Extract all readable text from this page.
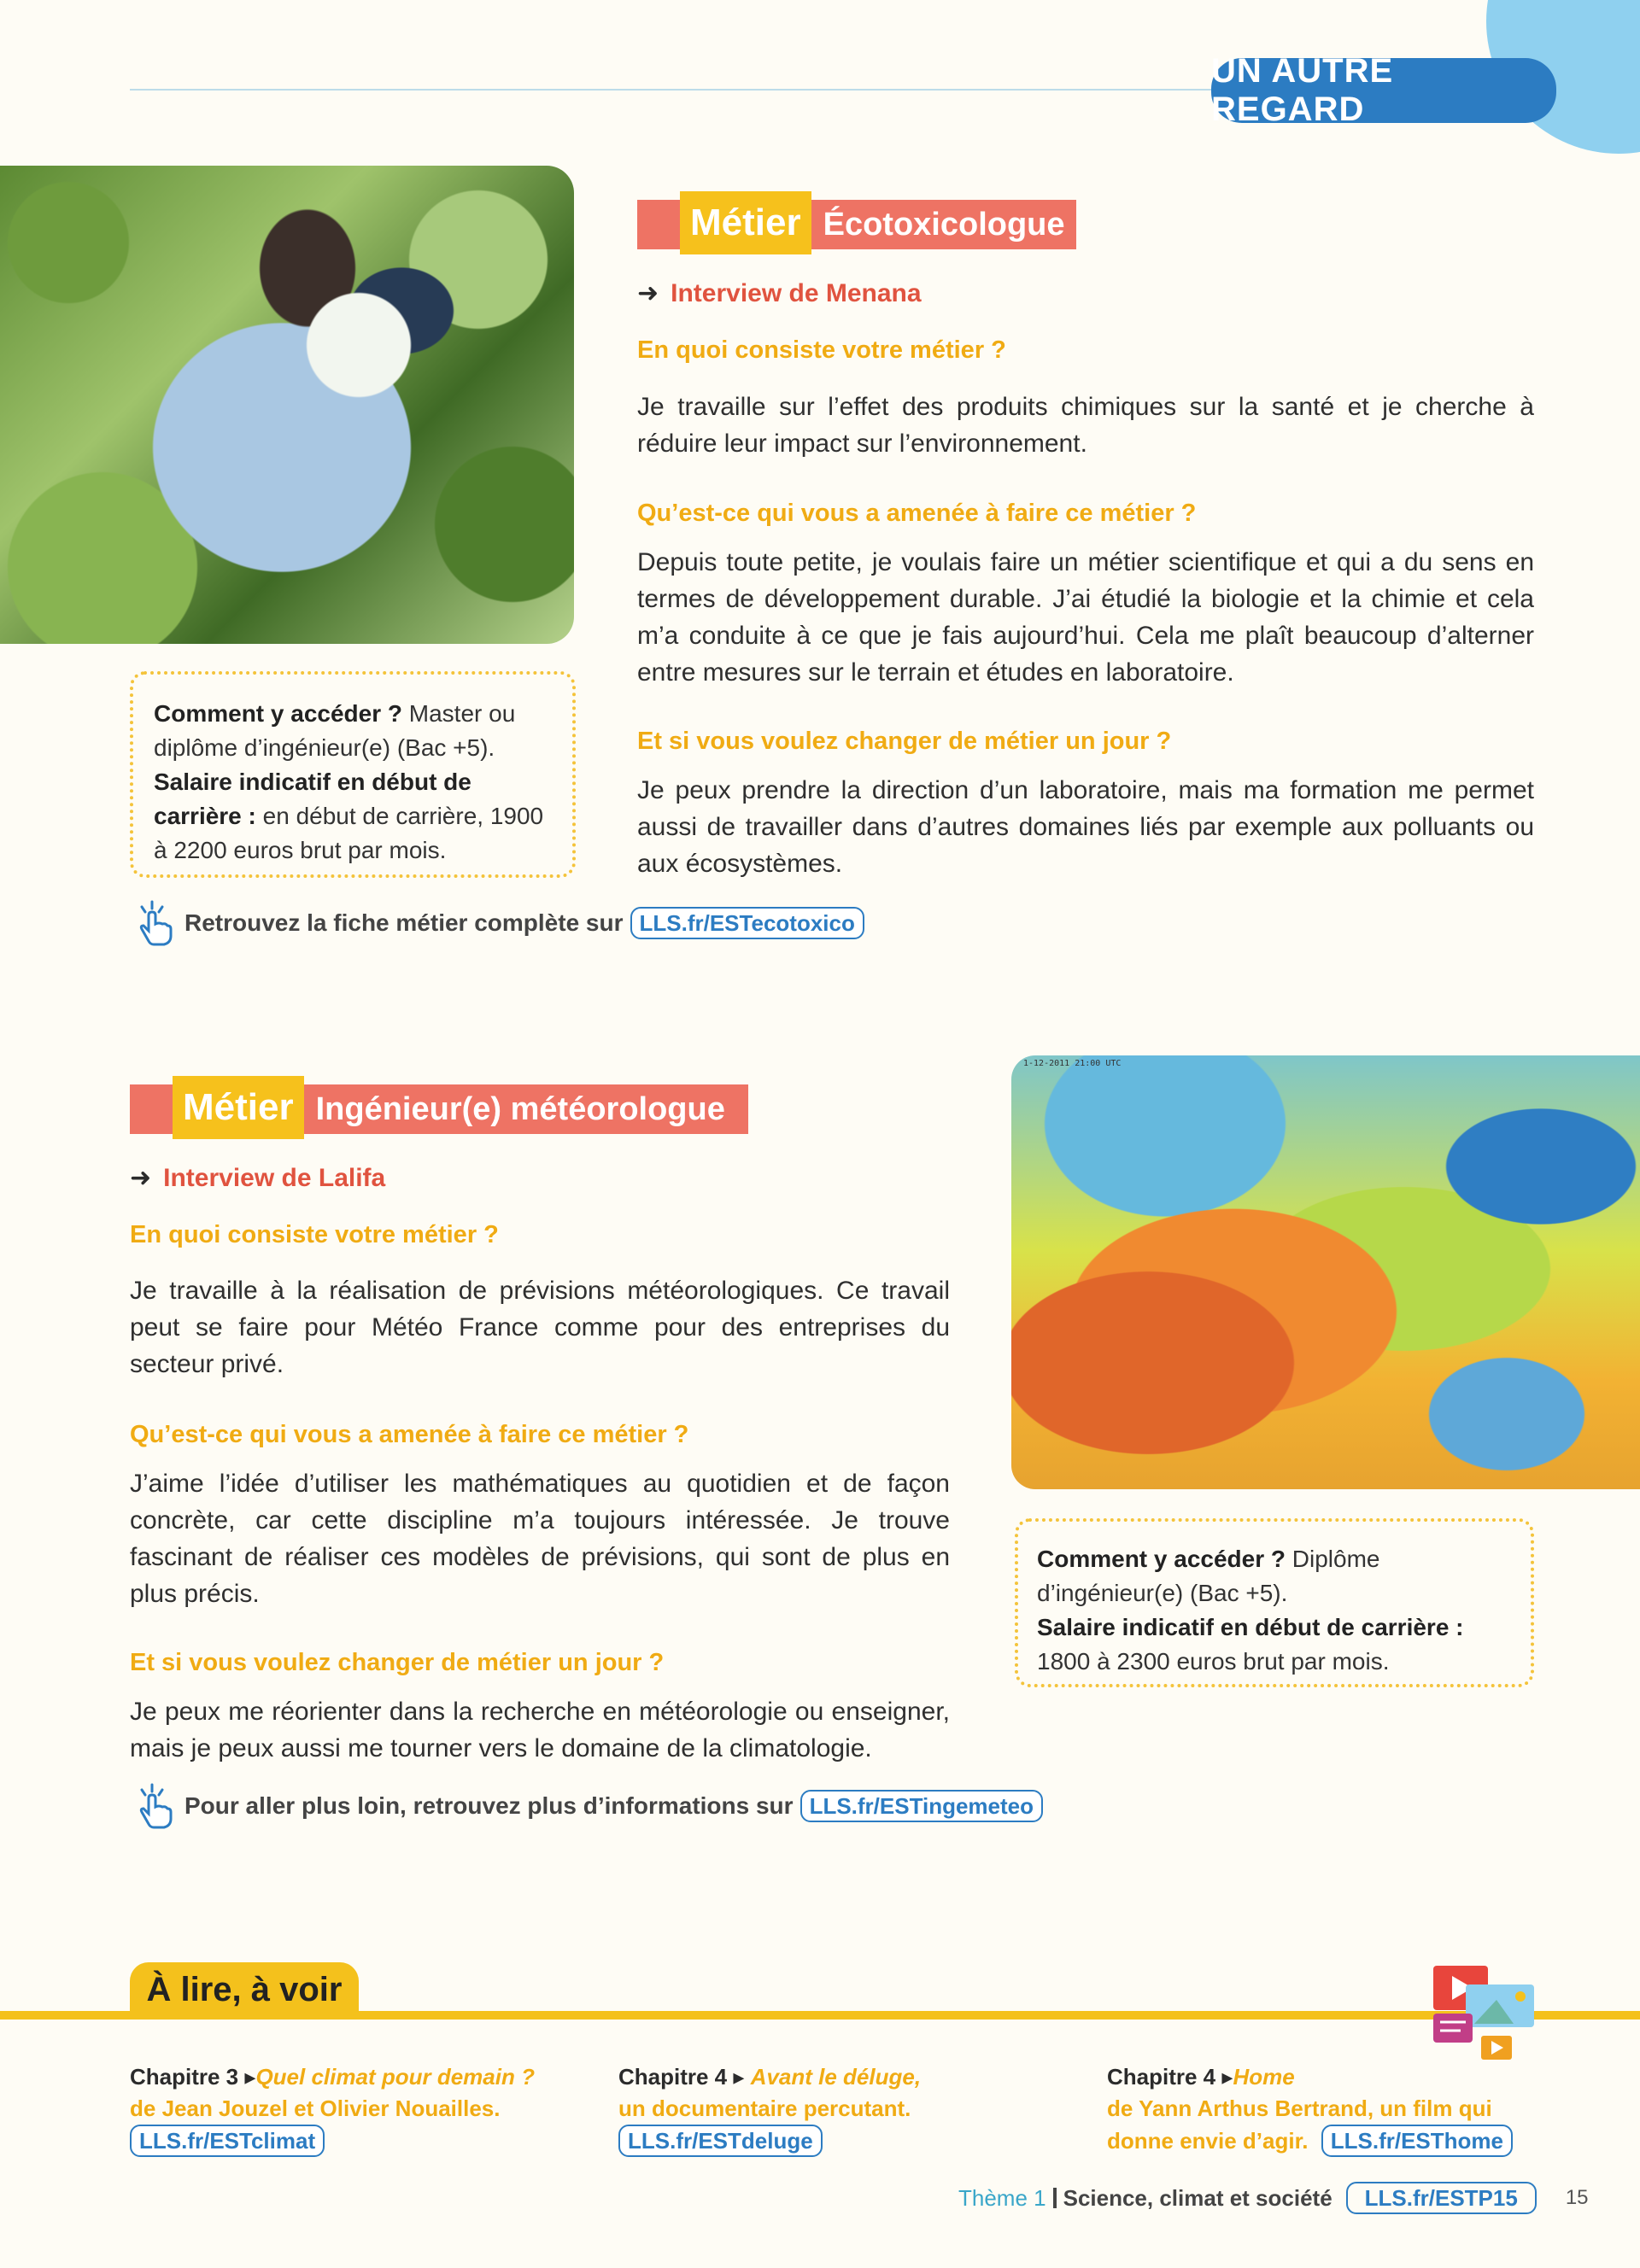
UN AUTRE REGARD
Métier Écotoxicologue
➜ Interview de Menana
En quoi consiste votre métier ?

Je travaille sur l’effet des produits chimiques sur la santé et je cherche à réduire leur impact sur l’environnement.

Qu’est-ce qui vous a amenée à faire ce métier ?

Depuis toute petite, je voulais faire un métier scientifique et qui a du sens en termes de développement durable. J’ai étudié la biologie et la chimie et cela m’a conduite à ce que je fais aujourd’hui. Cela me plaît beaucoup d’alterner entre mesures sur le terrain et études en laboratoire.

Et si vous voulez changer de métier un jour ?

Je peux prendre la direction d’un laboratoire, mais ma formation me permet aussi de travailler dans d’autres domaines liés par exemple aux polluants ou aux écosystèmes.

Comment y accéder ? Master ou diplôme d’ingénieur(e) (Bac +5).
Salaire indicatif en début de carrière : en début de carrière, 1900 à 2200 euros brut par mois.
Retrouvez la fiche métier complète sur LLS.fr/ESTecotoxico
Métier Ingénieur(e) météorologue
➜ Interview de Lalifa
En quoi consiste votre métier ?

Je travaille à la réalisation de prévisions météorologiques. Ce travail peut se faire pour Météo France comme pour des entreprises du secteur privé.

Qu’est-ce qui vous a amenée à faire ce métier ?

J’aime l’idée d’utiliser les mathématiques au quotidien et de façon concrète, car cette discipline m’a toujours intéressée. Je trouve fascinant de réaliser ces modèles de prévisions, qui sont de plus en plus précis.

Et si vous voulez changer de métier un jour ?

Je peux me réorienter dans la recherche en météorologie ou enseigner, mais je peux aussi me tourner vers le domaine de la climatologie.

1-12-2011 21:00 UTC
Comment y accéder ? Diplôme d’ingénieur(e) (Bac +5).
Salaire indicatif en début de carrière : 1800 à 2300 euros brut par mois.
Pour aller plus loin, retrouvez plus d’informations sur LLS.fr/ESTingemeteo
À lire, à voir
Chapitre 3 ▸Quel climat pour demain ?
de Jean Jouzel et Olivier Nouailles.
LLS.fr/ESTclimat
Chapitre 4 ▸ Avant le déluge,
un documentaire percutant.
LLS.fr/ESTdeluge
Chapitre 4 ▸Home
de Yann Arthus Bertrand, un film qui donne envie d’agir. LLS.fr/ESThome
Thème 1 Science, climat et société	LLS.fr/ESTP15	15
